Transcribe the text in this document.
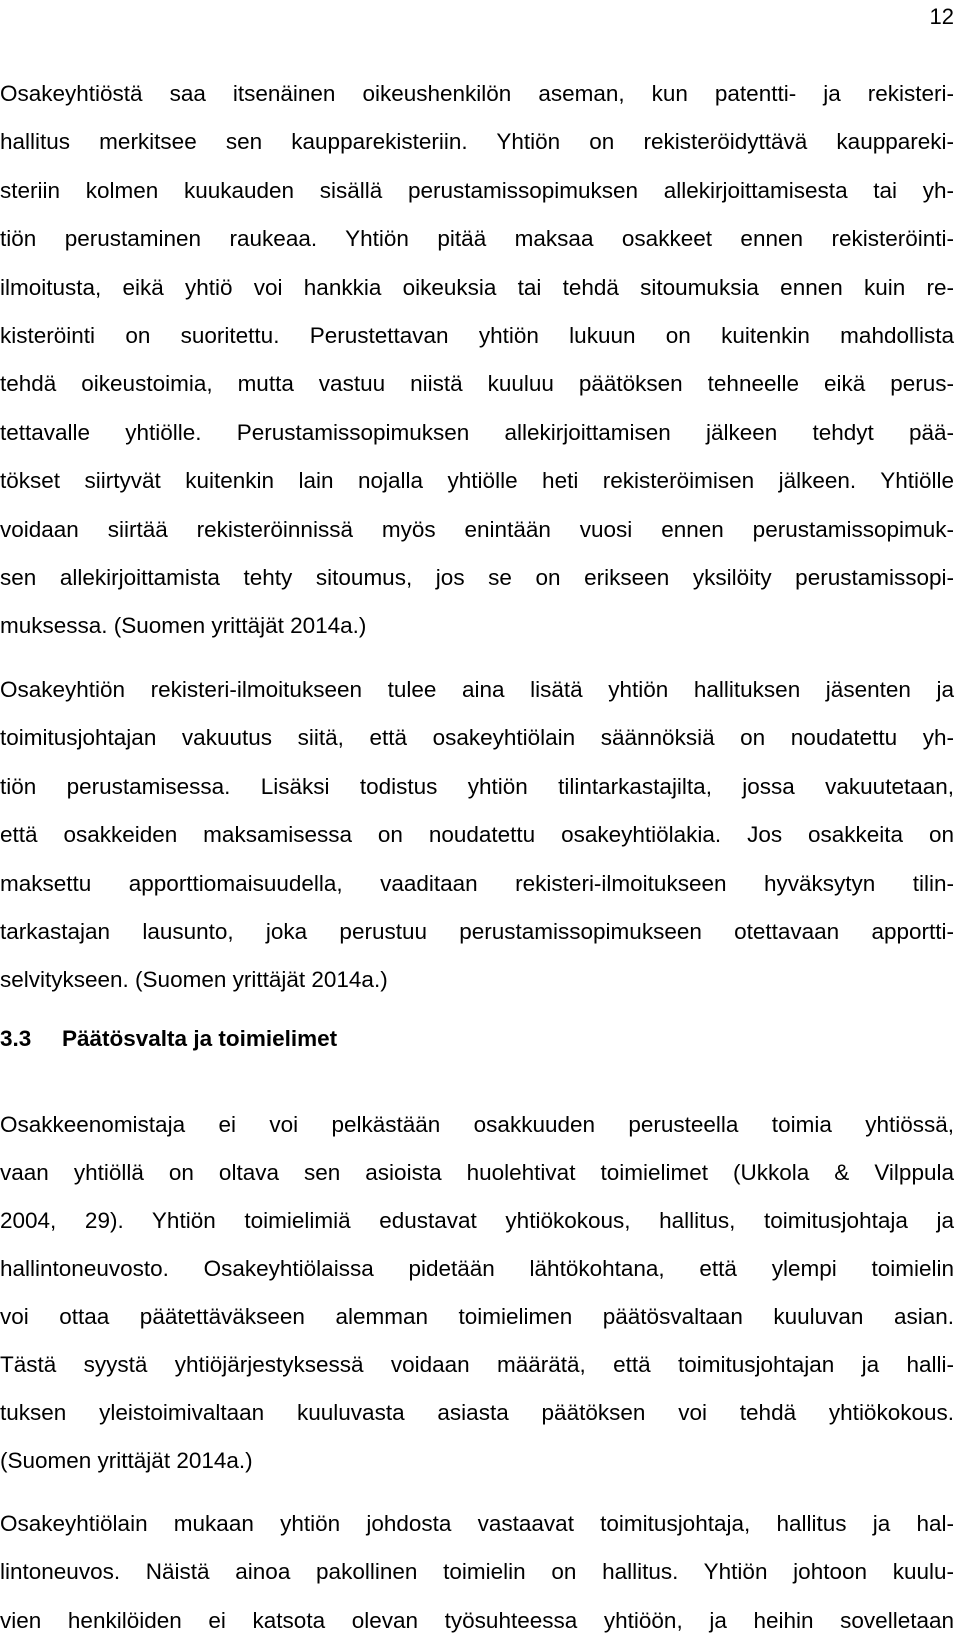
12
Osakeyhtiöstä saa itsenäinen oikeushenkilön aseman, kun patentti- ja rekisteri-
hallitus merkitsee sen kaupparekisteriin. Yhtiön on rekisteröidyttävä kauppareki-
steriin kolmen kuukauden sisällä perustamissopimuksen allekirjoittamisesta tai yh-
tiön perustaminen raukeaa. Yhtiön pitää maksaa osakkeet ennen rekisteröinti-
ilmoitusta, eikä yhtiö voi hankkia oikeuksia tai tehdä sitoumuksia ennen kuin re-
kisteröinti on suoritettu. Perustettavan yhtiön lukuun on kuitenkin mahdollista
tehdä oikeustoimia, mutta vastuu niistä kuuluu päätöksen tehneelle eikä perus-
tettavalle yhtiölle. Perustamissopimuksen allekirjoittamisen jälkeen tehdyt pää-
tökset siirtyvät kuitenkin lain nojalla yhtiölle heti rekisteröimisen jälkeen. Yhtiölle
voidaan siirtää rekisteröinnissä myös enintään vuosi ennen perustamissopimuk-
sen allekirjoittamista tehty sitoumus, jos se on erikseen yksilöity perustamissopi-
muksessa. (Suomen yrittäjät 2014a.)
Osakeyhtiön rekisteri-ilmoitukseen tulee aina lisätä yhtiön hallituksen jäsenten ja
toimitusjohtajan vakuutus siitä, että osakeyhtiölain säännöksiä on noudatettu yh-
tiön perustamisessa. Lisäksi todistus yhtiön tilintarkastajilta, jossa vakuutetaan,
että osakkeiden maksamisessa on noudatettu osakeyhtiölakia. Jos osakkeita on
maksettu apporttiomaisuudella, vaaditaan rekisteri-ilmoitukseen hyväksytyn tilin-
tarkastajan lausunto, joka perustuu perustamissopimukseen otettavaan apportti-
selvitykseen. (Suomen yrittäjät 2014a.)
3.3 Päätösvalta ja toimielimet
Osakkeenomistaja ei voi pelkästään osakkuuden perusteella toimia yhtiössä,
vaan yhtiöllä on oltava sen asioista huolehtivat toimielimet (Ukkola & Vilppula
2004, 29). Yhtiön toimielimiä edustavat yhtiökokous, hallitus, toimitusjohtaja ja
hallintoneuvosto. Osakeyhtiölaissa pidetään lähtökohtana, että ylempi toimielin
voi ottaa päätettäväkseen alemman toimielimen päätösvaltaan kuuluvan asian.
Tästä syystä yhtiöjärjestyksessä voidaan määrätä, että toimitusjohtajan ja halli-
tuksen yleistoimivaltaan kuuluvasta asiasta päätöksen voi tehdä yhtiökokous.
(Suomen yrittäjät 2014a.)
Osakeyhtiölain mukaan yhtiön johdosta vastaavat toimitusjohtaja, hallitus ja hal-
lintoneuvos. Näistä ainoa pakollinen toimielin on hallitus. Yhtiön johtoon kuulu-
vien henkilöiden ei katsota olevan työsuhteessa yhtiöön, ja heihin sovelletaan
